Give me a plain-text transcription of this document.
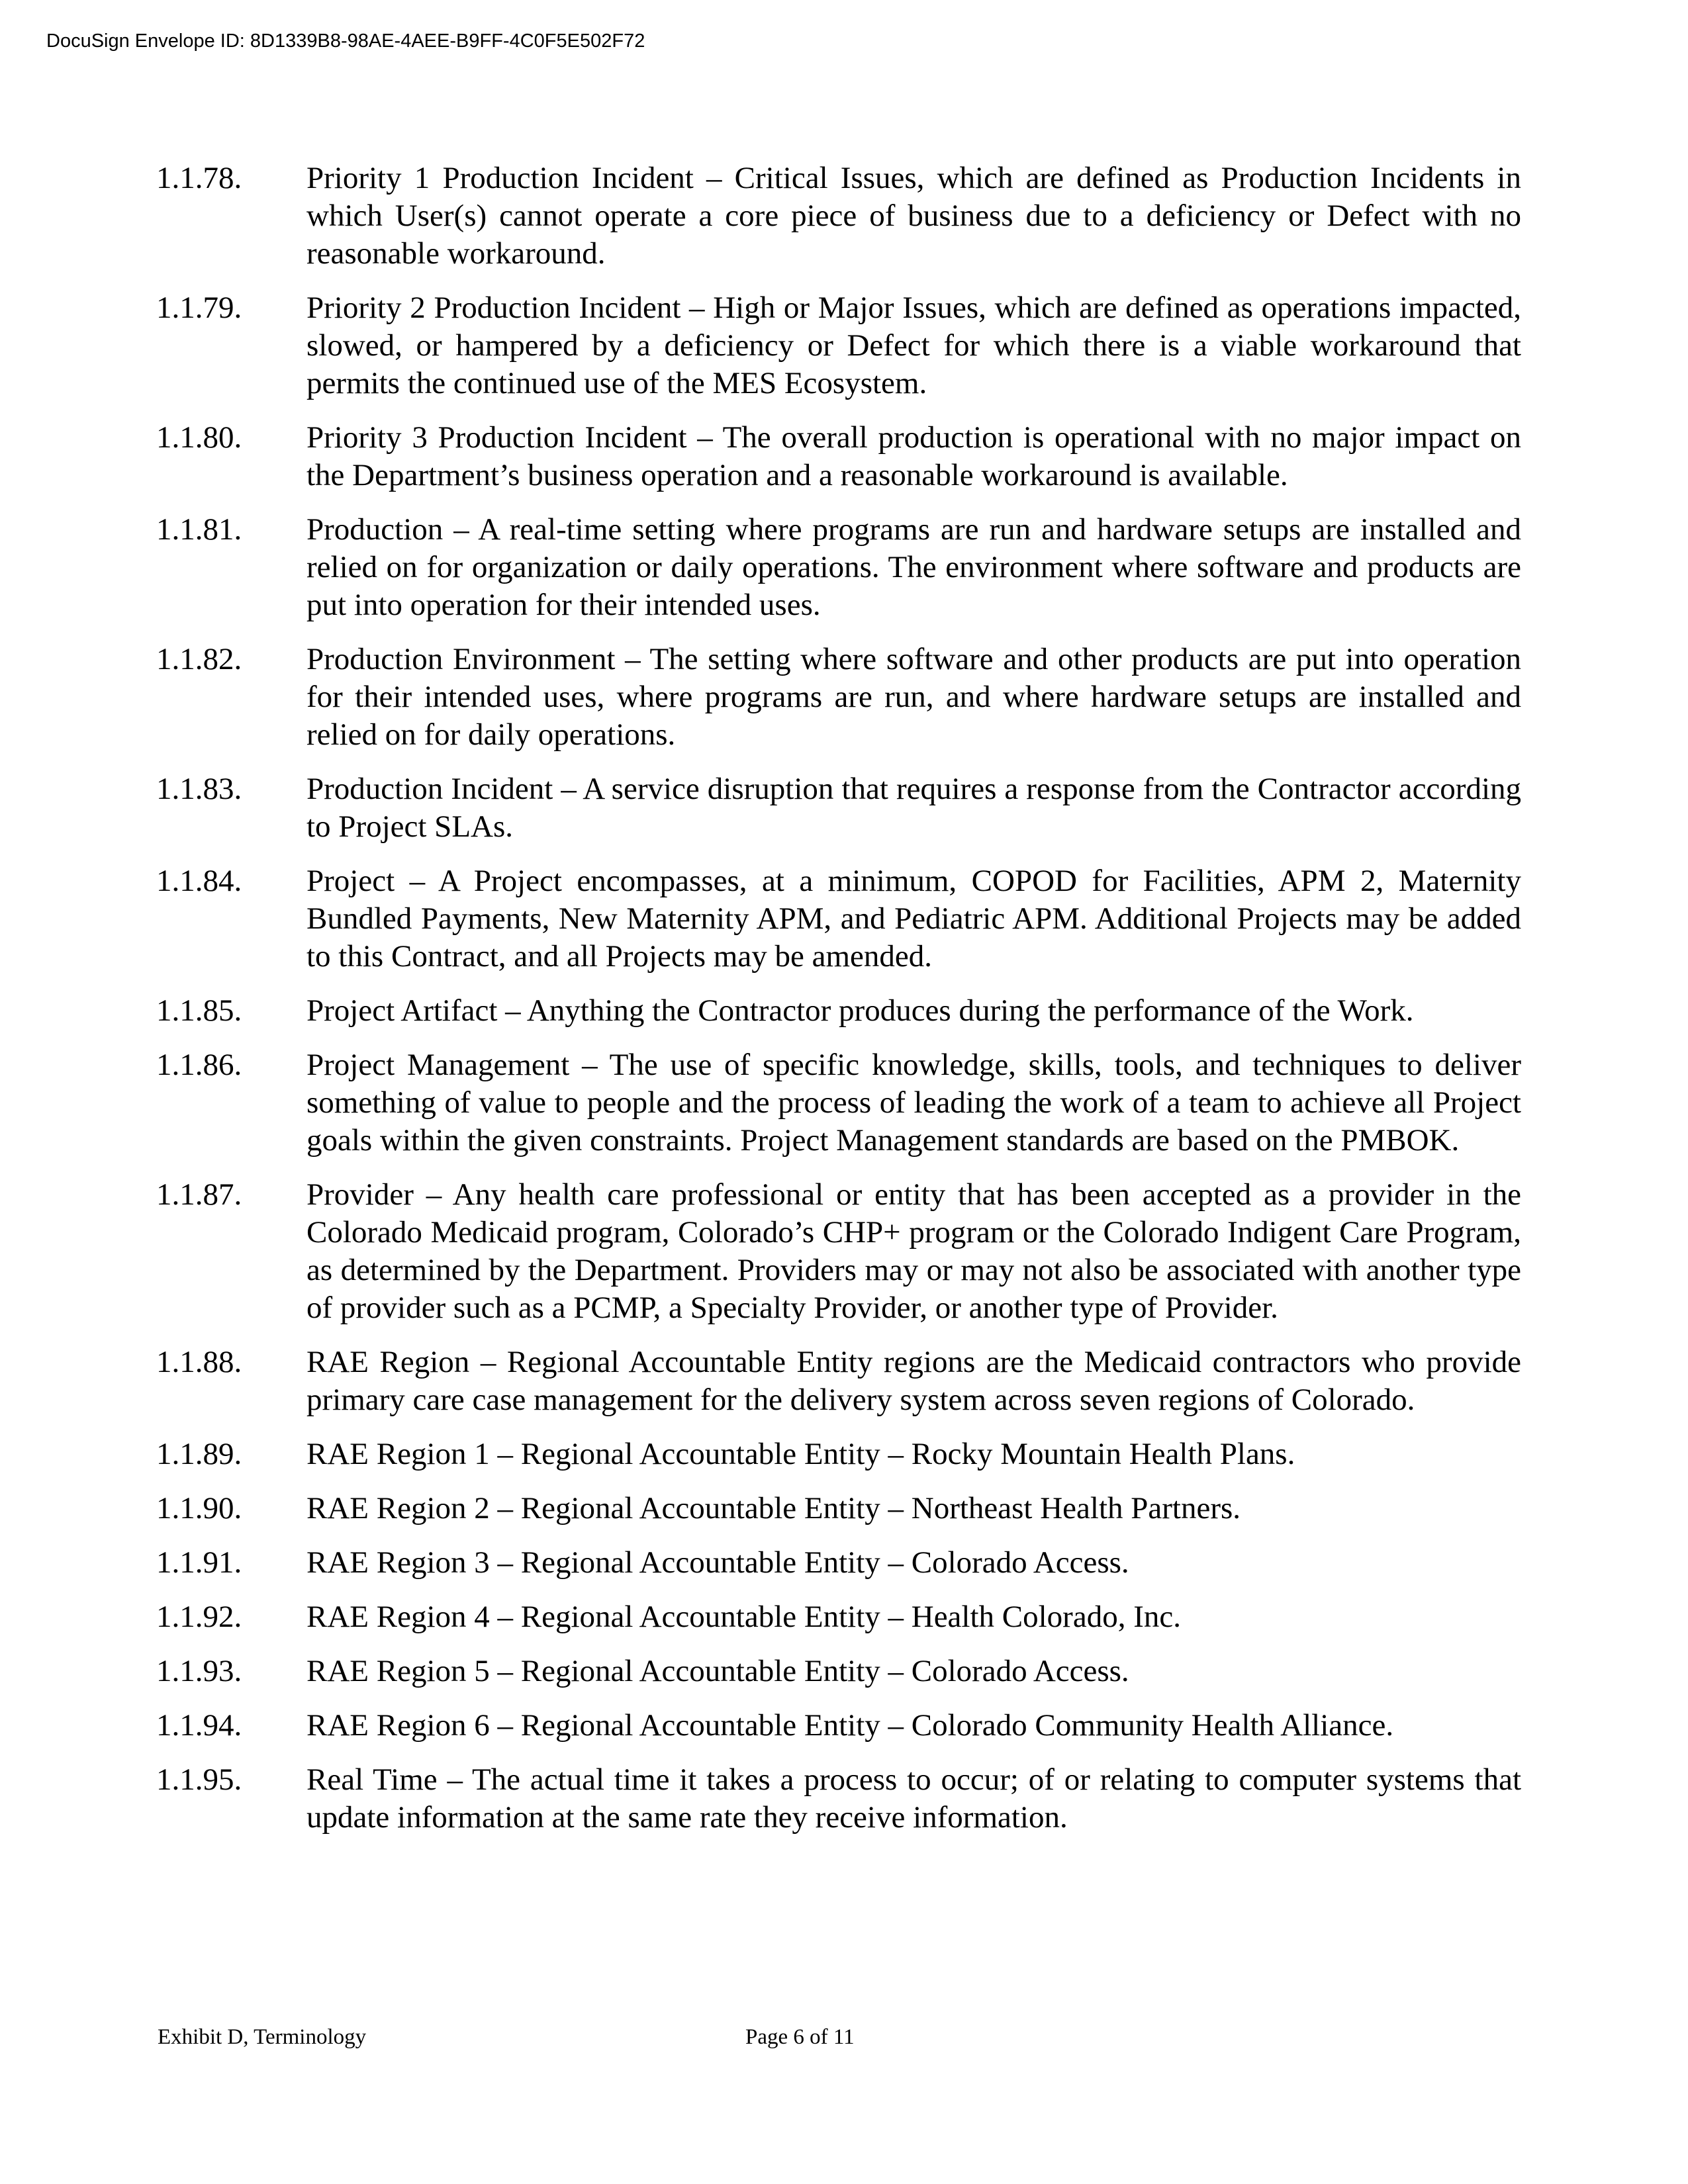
DocuSign Envelope ID: 8D1339B8-98AE-4AEE-B9FF-4C0F5E502F72
1.1.78. Priority 1 Production Incident – Critical Issues, which are defined as Production Incidents in which User(s) cannot operate a core piece of business due to a deficiency or Defect with no reasonable workaround.
1.1.79. Priority 2 Production Incident – High or Major Issues, which are defined as operations impacted, slowed, or hampered by a deficiency or Defect for which there is a viable workaround that permits the continued use of the MES Ecosystem.
1.1.80. Priority 3 Production Incident – The overall production is operational with no major impact on the Department’s business operation and a reasonable workaround is available.
1.1.81. Production – A real-time setting where programs are run and hardware setups are installed and relied on for organization or daily operations. The environment where software and products are put into operation for their intended uses.
1.1.82. Production Environment – The setting where software and other products are put into operation for their intended uses, where programs are run, and where hardware setups are installed and relied on for daily operations.
1.1.83. Production Incident – A service disruption that requires a response from the Contractor according to Project SLAs.
1.1.84. Project – A Project encompasses, at a minimum, COPOD for Facilities, APM 2, Maternity Bundled Payments, New Maternity APM, and Pediatric APM. Additional Projects may be added to this Contract, and all Projects may be amended.
1.1.85. Project Artifact – Anything the Contractor produces during the performance of the Work.
1.1.86. Project Management – The use of specific knowledge, skills, tools, and techniques to deliver something of value to people and the process of leading the work of a team to achieve all Project goals within the given constraints. Project Management standards are based on the PMBOK.
1.1.87. Provider – Any health care professional or entity that has been accepted as a provider in the Colorado Medicaid program, Colorado’s CHP+ program or the Colorado Indigent Care Program, as determined by the Department. Providers may or may not also be associated with another type of provider such as a PCMP, a Specialty Provider, or another type of Provider.
1.1.88. RAE Region – Regional Accountable Entity regions are the Medicaid contractors who provide primary care case management for the delivery system across seven regions of Colorado.
1.1.89. RAE Region 1 – Regional Accountable Entity – Rocky Mountain Health Plans.
1.1.90. RAE Region 2 – Regional Accountable Entity – Northeast Health Partners.
1.1.91. RAE Region 3 – Regional Accountable Entity – Colorado Access.
1.1.92. RAE Region 4 – Regional Accountable Entity – Health Colorado, Inc.
1.1.93. RAE Region 5 – Regional Accountable Entity – Colorado Access.
1.1.94. RAE Region 6 – Regional Accountable Entity – Colorado Community Health Alliance.
1.1.95. Real Time – The actual time it takes a process to occur; of or relating to computer systems that update information at the same rate they receive information.
Exhibit D, Terminology	Page 6 of 11
